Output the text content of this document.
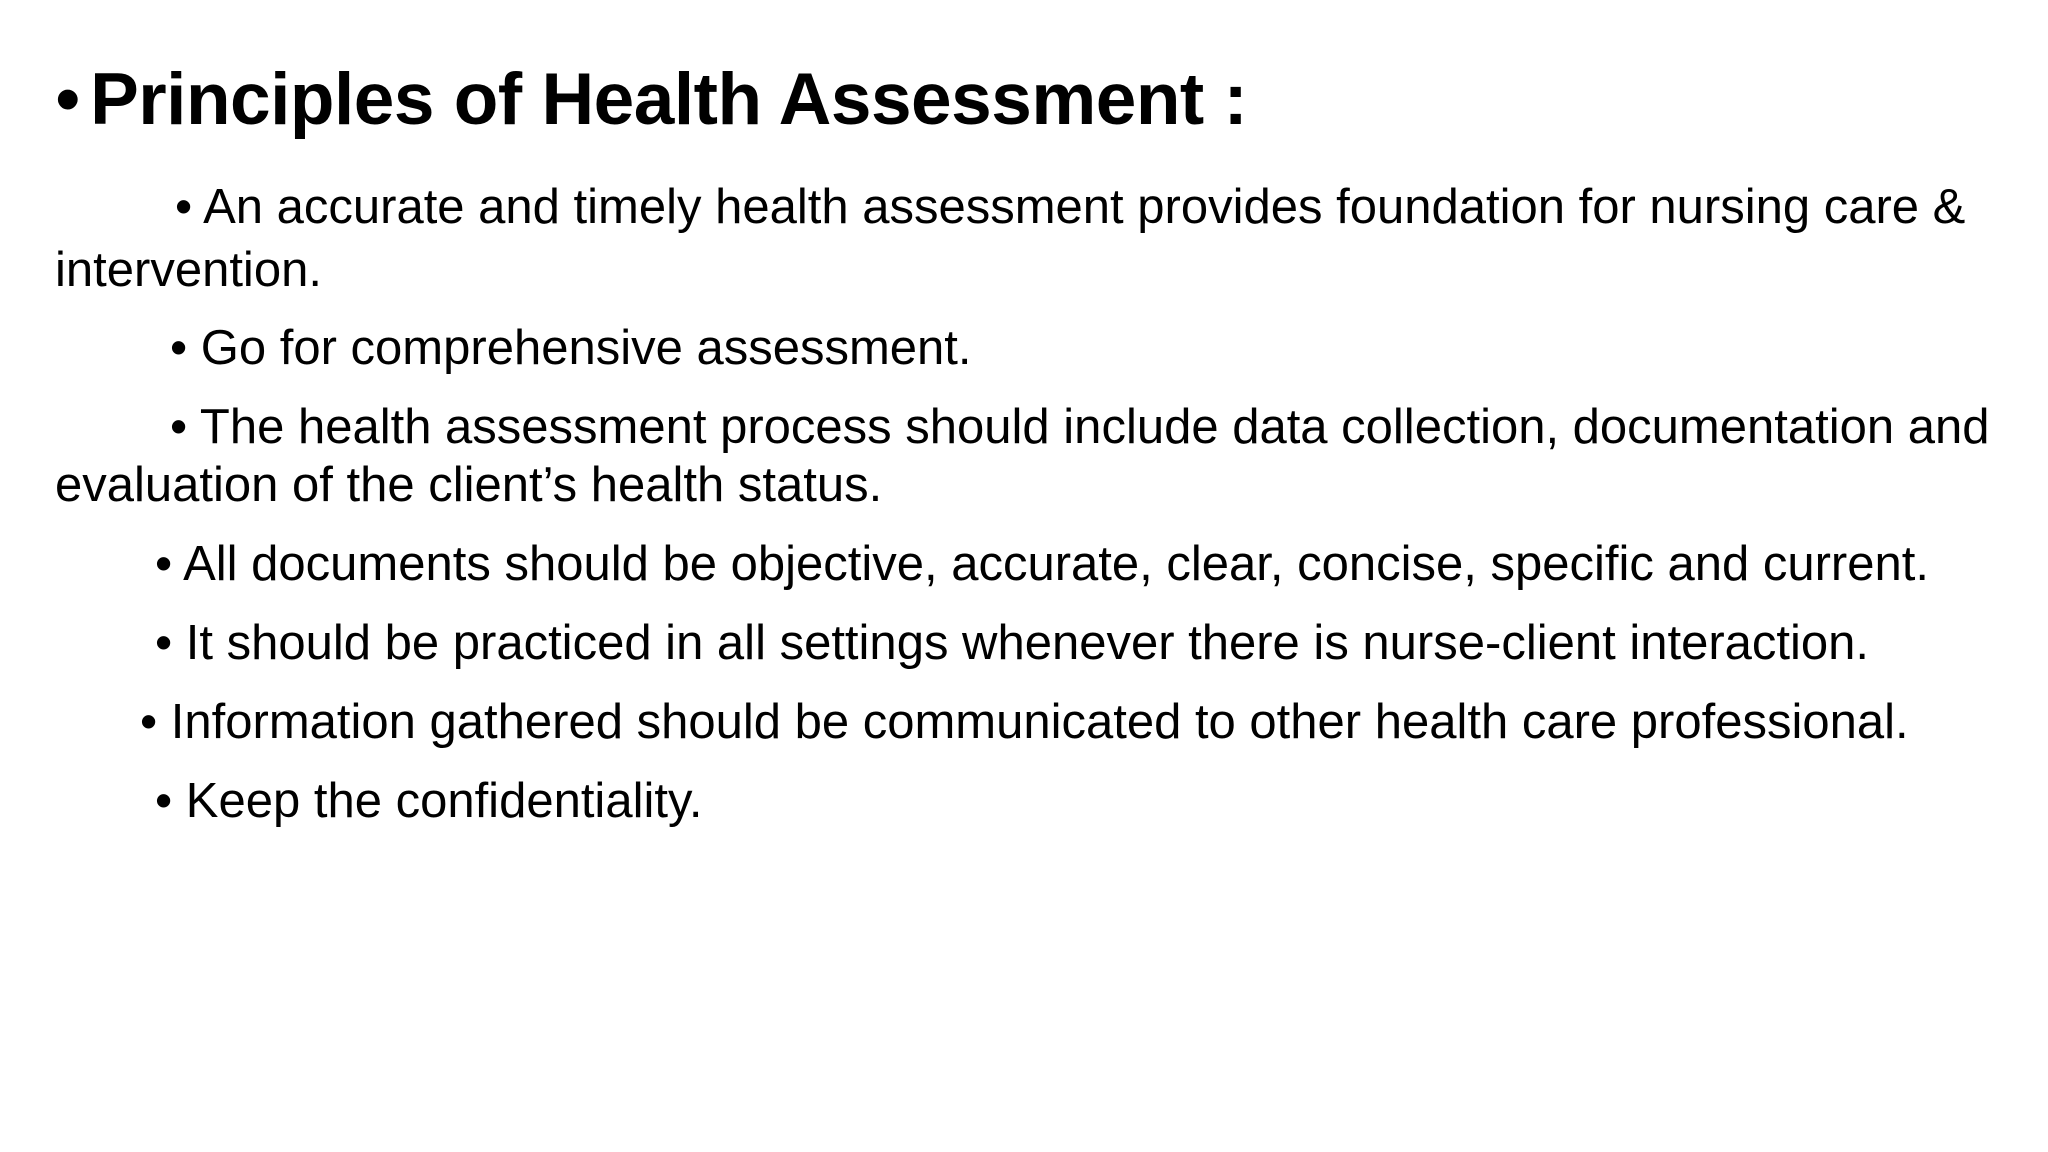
• Principles of Health Assessment :
• An accurate and timely health assessment provides foundation for nursing care & intervention.
• Go for comprehensive assessment.
• The health assessment process should include data collection, documentation and evaluation of the client’s health status.
• All documents should be objective, accurate, clear, concise, specific and current.
• It should be practiced in all settings whenever there is nurse-client interaction.
• Information gathered should be communicated to other health care professional.
• Keep the confidentiality.
